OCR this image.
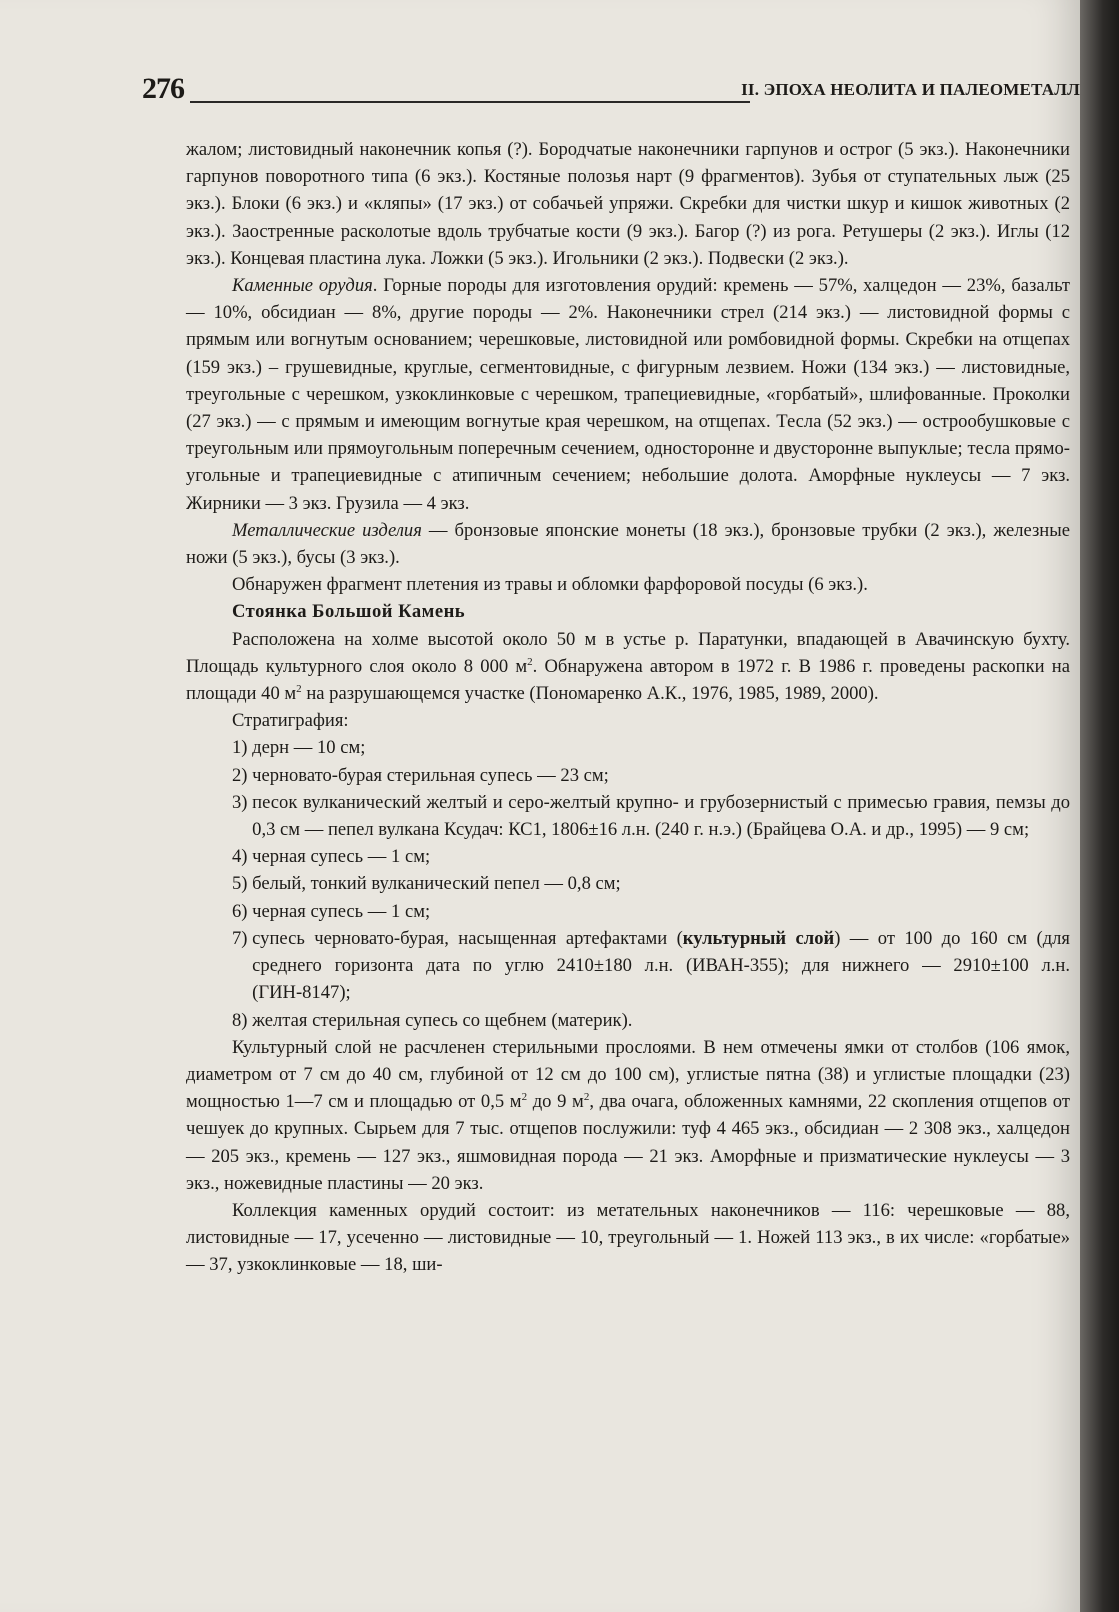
276	II. ЭПОХА НЕОЛИТА И ПАЛЕОМЕТАЛЛ

жалом; листовидный наконечник копья (?). Бородчатые наконечники гарпунов и острог (5 экз.). Наконечники гарпунов поворотного типа (6 экз.). Костяные полозья нарт (9 фрагментов). Зубья от ступательных лыж (25 экз.). Блоки (6 экз.) и «кляпы» (17 экз.) от собачьей упряжи. Скребки для чистки шкур и кишок животных (2 экз.). Заостренные расколотые вдоль трубчатые кости (9 экз.). Багор (?) из рога. Ретушеры (2 экз.). Иглы (12 экз.). Концевая пластина лука. Ложки (5 экз.). Игольники (2 экз.). Подвески (2 экз.).

Каменные орудия. Горные породы для изготовления орудий: кремень — 57%, халцедон — 23%, базальт — 10%, обсидиан — 8%, другие породы — 2%. Наконечники стрел (214 экз.) — листовидной формы с прямым или вогнутым основанием; черешковые, листовидной или ромбовидной формы. Скребки на отщепах (159 экз.) – грушевидные, круглые, сегментовидные, с фигурным лезвием. Ножи (134 экз.) — листовидные, треугольные с черешком, узкоклинковые с черешком, трапециевидные, «горбатый», шлифованные. Проколки (27 экз.) — с прямым и имеющим вогнутые края черешком, на отщепах. Тесла (52 экз.) — острообушковые с треугольным или прямоугольным поперечным сечением, односторонне и двусторонне выпуклые; тесла прямоугольные и трапециевидные с атипичным сечением; небольшие долота. Аморфные нуклеусы — 7 экз. Жирники — 3 экз. Грузила — 4 экз.

Металлические изделия — бронзовые японские монеты (18 экз.), бронзовые трубки (2 экз.), железные ножи (5 экз.), бусы (3 экз.).

Обнаружен фрагмент плетения из травы и обломки фарфоровой посуды (6 экз.).

Стоянка Большой Камень

Расположена на холме высотой около 50 м в устье р. Паратунки, впадающей в Авачинскую бухту. Площадь культурного слоя около 8 000 $м^2$. Обнаружена автором в 1972 г. В 1986 г. проведены раскопки на площади 40 $м^2$ на разрушающемся участке (Пономаренко А.К., 1976, 1985, 1989, 2000).

Стратиграфия:

1) дерн — 10 см;
2) черновато-бурая стерильная супесь — 23 см;
3) песок вулканический желтый и серо-желтый крупно- и грубозернистый с примесью гравия, пемзы до 0,3 см — пепел вулкана Ксудач: КС1, 1806±16 л.н. (240 г. н.э.) (Брайцева О.А. и др., 1995) — 9 см;
4) черная супесь — 1 см;
5) белый, тонкий вулканический пепел — 0,8 см;
6) черная супесь — 1 см;
7) супесь черновато-бурая, насыщенная артефактами (культурный слой) — от 100 до 160 см (для среднего горизонта дата по углю 2410±180 л.н. (ИВАН-355); для нижнего — 2910±100 л.н. (ГИН-8147);
8) желтая стерильная супесь со щебнем (материк).

Культурный слой не расчленен стерильными прослоями. В нем отмечены ямки от столбов (106 ямок, диаметром от 7 см до 40 см, глубиной от 12 см до 100 см), углистые пятна (38) и углистые площадки (23) мощностью 1—7 см и площадью от 0,5 $м^2$ до 9 $м^2$, два очага, обложенных камнями, 22 скопления отщепов от чешуек до крупных. Сырьем для 7 тыс. отщепов послужили: туф 4 465 экз., обсидиан — 2 308 экз., халцедон — 205 экз., кремень — 127 экз., яшмовидная порода — 21 экз. Аморфные и призматические нуклеусы — 3 экз., ножевидные пластины — 20 экз.

Коллекция каменных орудий состоит: из метательных наконечников — 116: черешковые — 88, листовидные — 17, усеченно — листовидные — 10, треугольный — 1. Ножей 113 экз., в их числе: «горбатые» — 37, узкоклинковые — 18, ши-
